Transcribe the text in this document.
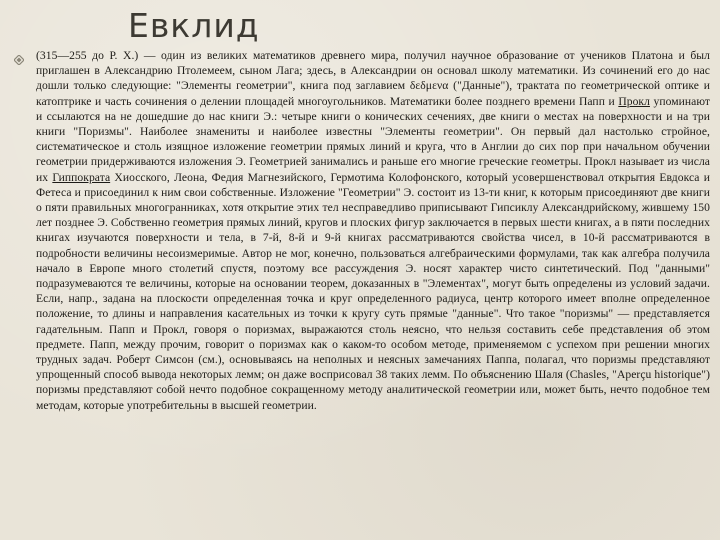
Евклид

(315—255 до Р. Х.) — один из великих математиков древнего мира, получил научное образование от учеников Платона и был приглашен в Александрию Птолемеем, сыном Лага; здесь, в Александрии он основал школу математики. Из сочинений его до нас дошли только следующие: "Элементы геометрии", книга под заглавием δεδμενα ("Данные"), трактата по геометрической оптике и катоптрике и часть сочинения о делении площадей многоугольников. Математики более позднего времени Папп и Прокл упоминают и ссылаются на не дошедшие до нас книги Э.: четыре книги о конических сечениях, две книги о местах на поверхности и на три книги "Поризмы". Наиболее знамениты и наиболее известны "Элементы геометрии". Он первый дал настолько стройное, систематическое и столь изящное изложение геометрии прямых линий и круга, что в Англии до сих пор при начальном обучении геометрии придерживаются изложения Э. Геометрией занимались и раньше его многие греческие геометры. Прокл называет из числа их Гиппократа Хиосского, Леона, Федия Магнезийского, Гермотима Колофонского, который усовершенствовал открытия Евдокса и Фетеса и присоединил к ним свои собственные. Изложение "Геометрии" Э. состоит из 13-ти книг, к которым присоединяют две книги о пяти правильных многогранниках, хотя открытие этих тел несправедливо приписывают Гипсиклу Александрийскому, жившему 150 лет позднее Э. Собственно геометрия прямых линий, кругов и плоских фигур заключается в первых шести книгах, а в пяти последних книгах изучаются поверхности и тела, в 7-й, 8-й и 9-й книгах рассматриваются свойства чисел, в 10-й рассматриваются в подробности величины несоизмеримые. Автор не мог, конечно, пользоваться алгебраическими формулами, так как алгебра получила начало в Европе много столетий спустя, поэтому все рассуждения Э. носят характер чисто синтетический. Под "данными" подразумеваются те величины, которые на основании теорем, доказанных в "Элементах", могут быть определены из условий задачи. Если, напр., задана на плоскости определенная точка и круг определенного радиуса, центр которого имеет вполне определенное положение, то длины и направления касательных из точки к кругу суть прямые "данные". Что такое "поризмы" — представляется гадательным. Папп и Прокл, говоря о поризмах, выражаются столь неясно, что нельзя составить себе представления об этом предмете. Папп, между прочим, говорит о поризмах как о каком-то особом методе, применяемом с успехом при решении многих трудных задач. Роберт Симсон (см.), основываясь на неполных и неясных замечаниях Паппа, полагал, что поризмы представляют упрощенный способ вывода некоторых лемм; он даже восприсовал 38 таких лемм. По объяснению Шаля (Chasles, "Aperçu historique") поризмы представляют собой нечто подобное сокращенному методу аналитической геометрии или, может быть, нечто подобное тем методам, которые употребительны в высшей геометрии.
